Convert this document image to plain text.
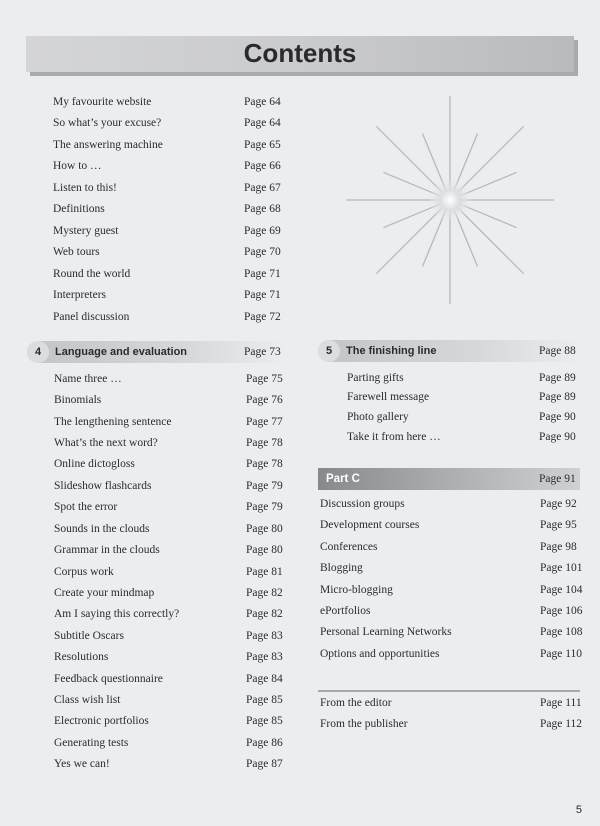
Contents
My favourite website	Page 64
So what’s your excuse?	Page 64
The answering machine	Page 65
How to …	Page 66
Listen to this!	Page 67
Definitions	Page 68
Mystery guest	Page 69
Web tours	Page 70
Round the world	Page 71
Interpreters	Page 71
Panel discussion	Page 72
4	Language and evaluation	Page 73
Name three …	Page 75
Binomials	Page 76
The lengthening sentence	Page 77
What’s the next word?	Page 78
Online dictogloss	Page 78
Slideshow flashcards	Page 79
Spot the error	Page 79
Sounds in the clouds	Page 80
Grammar in the clouds	Page 80
Corpus work	Page 81
Create your mindmap	Page 82
Am I saying this correctly?	Page 82
Subtitle Oscars	Page 83
Resolutions	Page 83
Feedback questionnaire	Page 84
Class wish list	Page 85
Electronic portfolios	Page 85
Generating tests	Page 86
Yes we can!	Page 87
5	The finishing line	Page 88
Parting gifts	Page 89
Farewell message	Page 89
Photo gallery	Page 90
Take it from here …	Page 90
Part C	Page 91
Discussion groups	Page 92
Development courses	Page 95
Conferences	Page 98
Blogging	Page 101
Micro-blogging	Page 104
ePortfolios	Page 106
Personal Learning Networks	Page 108
Options and opportunities	Page 110
From the editor	Page 111
From the publisher	Page 112
5
